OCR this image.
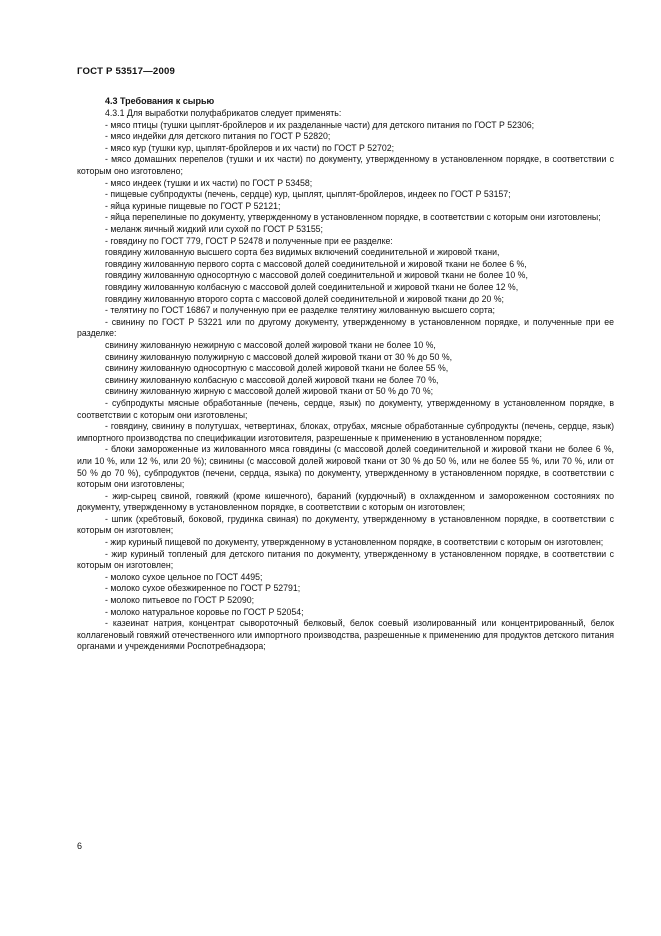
ГОСТ Р 53517—2009

4.3 Требования к сырью

4.3.1 Для выработки полуфабрикатов следует применять:

- мясо птицы (тушки цыплят-бройлеров и их разделанные части) для детского питания по ГОСТ Р 52306;

- мясо индейки для детского питания по ГОСТ Р 52820;

- мясо кур (тушки кур, цыплят-бройлеров и их части) по ГОСТ Р 52702;

- мясо домашних перепелов (тушки и их части) по документу, утвержденному в установленном порядке, в соответствии с которым оно изготовлено;

- мясо индеек (тушки и их части) по ГОСТ Р 53458;

- пищевые субпродукты (печень, сердце) кур, цыплят, цыплят-бройлеров, индеек по ГОСТ Р 53157;

- яйца куриные пищевые по ГОСТ Р 52121;

- яйца перепелиные по документу, утвержденному в установленном порядке, в соответствии с которым они изготовлены;

- меланж яичный жидкий или сухой по ГОСТ Р 53155;

- говядину по ГОСТ 779, ГОСТ Р 52478 и полученные при ее разделке:

говядину жилованную высшего сорта без видимых включений соединительной и жировой ткани,

говядину жилованную первого сорта с массовой долей соединительной и жировой ткани не более 6 %,

говядину жилованную односортную с массовой долей соединительной и жировой ткани не более 10 %,

говядину жилованную колбасную с массовой долей соединительной и жировой ткани не более 12 %,

говядину жилованную второго сорта с массовой долей соединительной и жировой ткани до 20 %;

- телятину по ГОСТ 16867 и полученную при ее разделке телятину жилованную высшего сорта;

- свинину по ГОСТ Р 53221 или по другому документу, утвержденному в установленном порядке, и полученные при ее разделке:

свинину жилованную нежирную с массовой долей жировой ткани не более 10 %,

свинину жилованную полужирную с массовой долей жировой ткани от 30 % до 50 %,

свинину жилованную односортную с массовой долей жировой ткани не более 55 %,

свинину жилованную колбасную с массовой долей жировой ткани не более 70 %,

свинину жилованную жирную с массовой долей жировой ткани от 50 % до 70 %;

- субпродукты мясные обработанные (печень, сердце, язык) по документу, утвержденному в установленном порядке, в соответствии с которым они изготовлены;

- говядину, свинину в полутушах, четвертинах, блоках, отрубах, мясные обработанные субпродукты (печень, сердце, язык) импортного производства по спецификации изготовителя, разрешенные к применению в установленном порядке;

- блоки замороженные из жилованного мяса говядины (с массовой долей соединительной и жировой ткани не более 6 %, или 10 %, или 12 %, или 20 %); свинины (с массовой долей жировой ткани от 30 % до 50 %, или не более 55 %, или 70 %, или от 50 % до 70 %), субпродуктов (печени, сердца, языка) по документу, утвержденному в установленном порядке, в соответствии с которым они изготовлены;

- жир-сырец свиной, говяжий (кроме кишечного), бараний (курдючный) в охлажденном и замороженном состояниях по документу, утвержденному в установленном порядке, в соответствии с которым он изготовлен;

- шпик (хребтовый, боковой, грудинка свиная) по документу, утвержденному в установленном порядке, в соответствии с которым он изготовлен;

- жир куриный пищевой по документу, утвержденному в установленном порядке, в соответствии с которым он изготовлен;

- жир куриный топленый для детского питания по документу, утвержденному в установленном порядке, в соответствии с которым он изготовлен;

- молоко сухое цельное по ГОСТ 4495;

- молоко сухое обезжиренное по ГОСТ Р 52791;

- молоко питьевое по ГОСТ Р 52090;

- молоко натуральное коровье по ГОСТ Р 52054;

- казеинат натрия, концентрат сывороточный белковый, белок соевый изолированный или концентрированный, белок коллагеновый говяжий отечественного или импортного производства, разрешенные к применению для продуктов детского питания органами и учреждениями Роспотребнадзора;

6
